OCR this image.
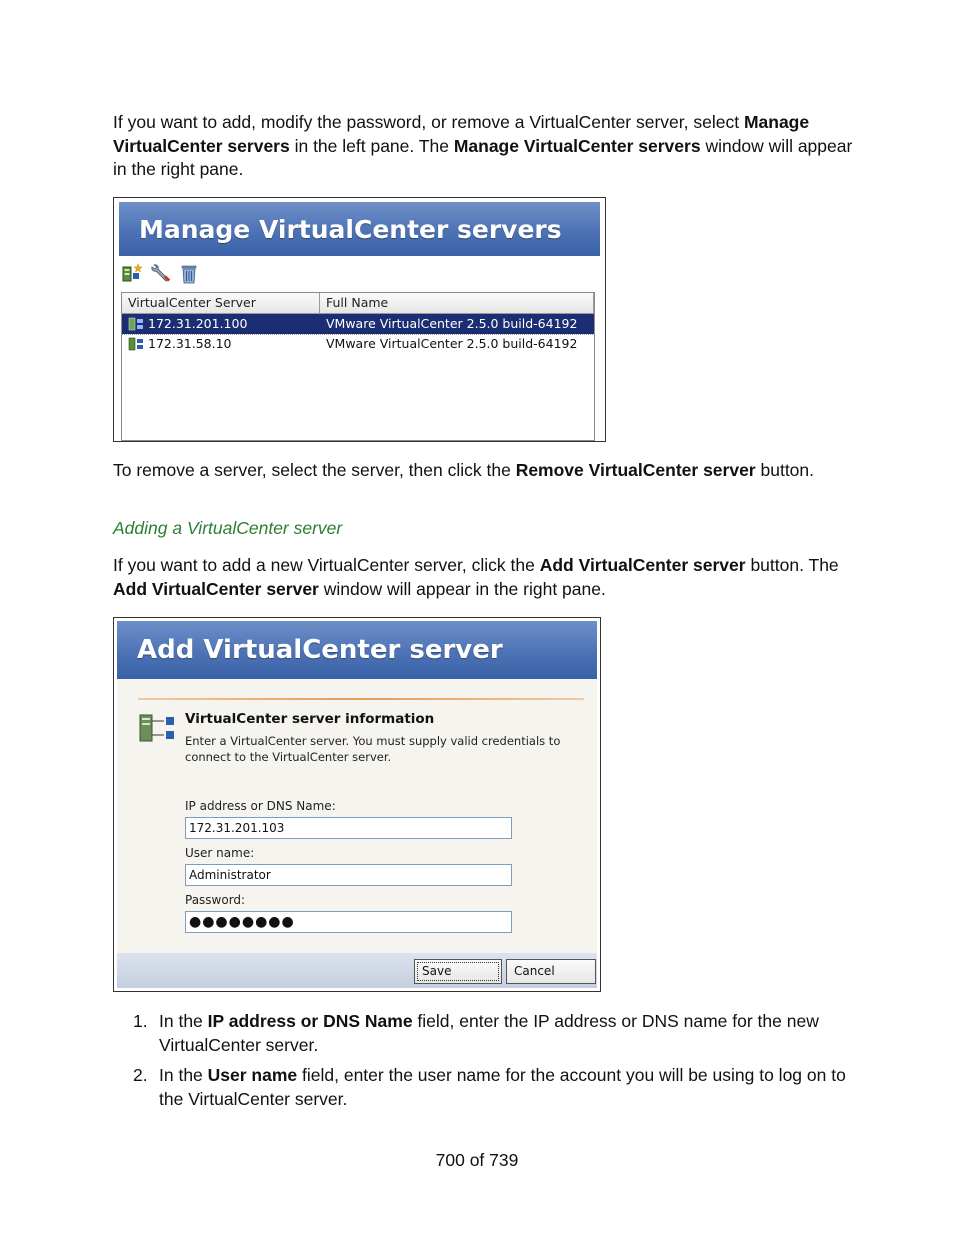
If you want to add, modify the password, or remove a VirtualCenter server, select Manage VirtualCenter servers in the left pane. The Manage VirtualCenter servers window will appear in the right pane.

Manage VirtualCenter servers
VirtualCenter Server	Full Name
172.31.201.100	VMware VirtualCenter 2.5.0 build-64192
172.31.58.10	VMware VirtualCenter 2.5.0 build-64192

To remove a server, select the server, then click the Remove VirtualCenter server button.

Adding a VirtualCenter server

If you want to add a new VirtualCenter server, click the Add VirtualCenter server button. The Add VirtualCenter server window will appear in the right pane.

Add VirtualCenter server
VirtualCenter server information
Enter a VirtualCenter server. You must supply valid credentials to connect to the VirtualCenter server.
IP address or DNS Name:
172.31.201.103
User name:
Administrator
Password:
●●●●●●●●
Save	Cancel
1. In the IP address or DNS Name field, enter the IP address or DNS name for the new VirtualCenter server.
2. In the User name field, enter the user name for the account you will be using to log on to the VirtualCenter server.
700 of 739
